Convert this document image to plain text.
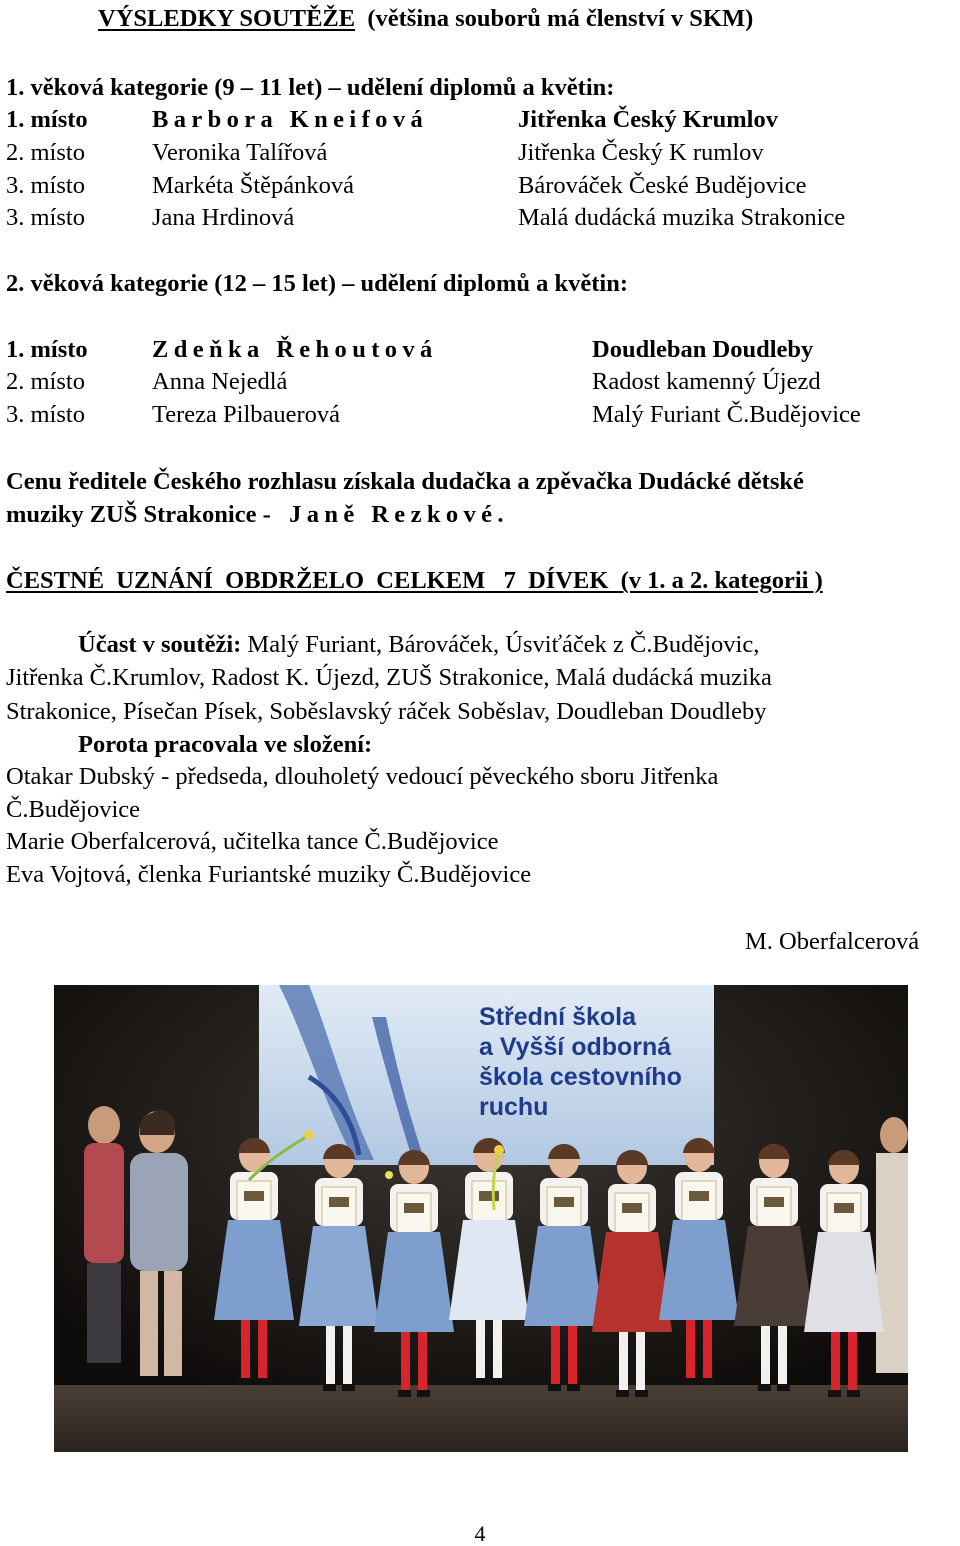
VÝSLEDKY SOUTĚŽE (většina souborů má členství v SKM)
1. věková kategorie (9 – 11 let) – udělení diplomů a květin:
1. místo	Barbora Kneifová	Jitřenka Český Krumlov
2. místo	Veronika Talířová	Jitřenka Český K rumlov
3. místo	Markéta Štěpánková	Bárováček České Budějovice
3. místo	Jana Hrdinová	Malá dudácká muzika Strakonice
2. věková kategorie (12 – 15 let) – udělení diplomů a květin:
1. místo	Zdeňka Řehoutová	Doudleban Doudleby
2. místo	Anna Nejedlá	Radost kamenný Újezd
3. místo	Tereza Pilbauerová	Malý Furiant Č.Budějovice
Cenu ředitele Českého rozhlasu získala dudačka a zpěvačka Dudácké dětské
muziky ZUŠ Strakonice - Janě Rezkové.
ČESTNÉ  UZNÁNÍ  OBDRŽELO  CELKEM   7  DÍVEK  (v 1. a 2. kategorii )
Účast v soutěži: Malý Furiant, Bárováček, Úsviťáček z Č.Budějovic,
Jitřenka Č.Krumlov, Radost K. Újezd, ZUŠ Strakonice, Malá dudácká muzika
Strakonice, Písečan Písek, Soběslavský ráček Soběslav, Doudleban Doudleby
Porota pracovala ve složení:
Otakar Dubský - předseda, dlouholetý vedoucí pěveckého sboru Jitřenka
Č.Budějovice
Marie Oberfalcerová, učitelka tance Č.Budějovice
Eva Vojtová, členka Furiantské muziky Č.Budějovice
M. Oberfalcerová
Střední škola
a Vyšší odborná
škola cestovního
ruchu
4
